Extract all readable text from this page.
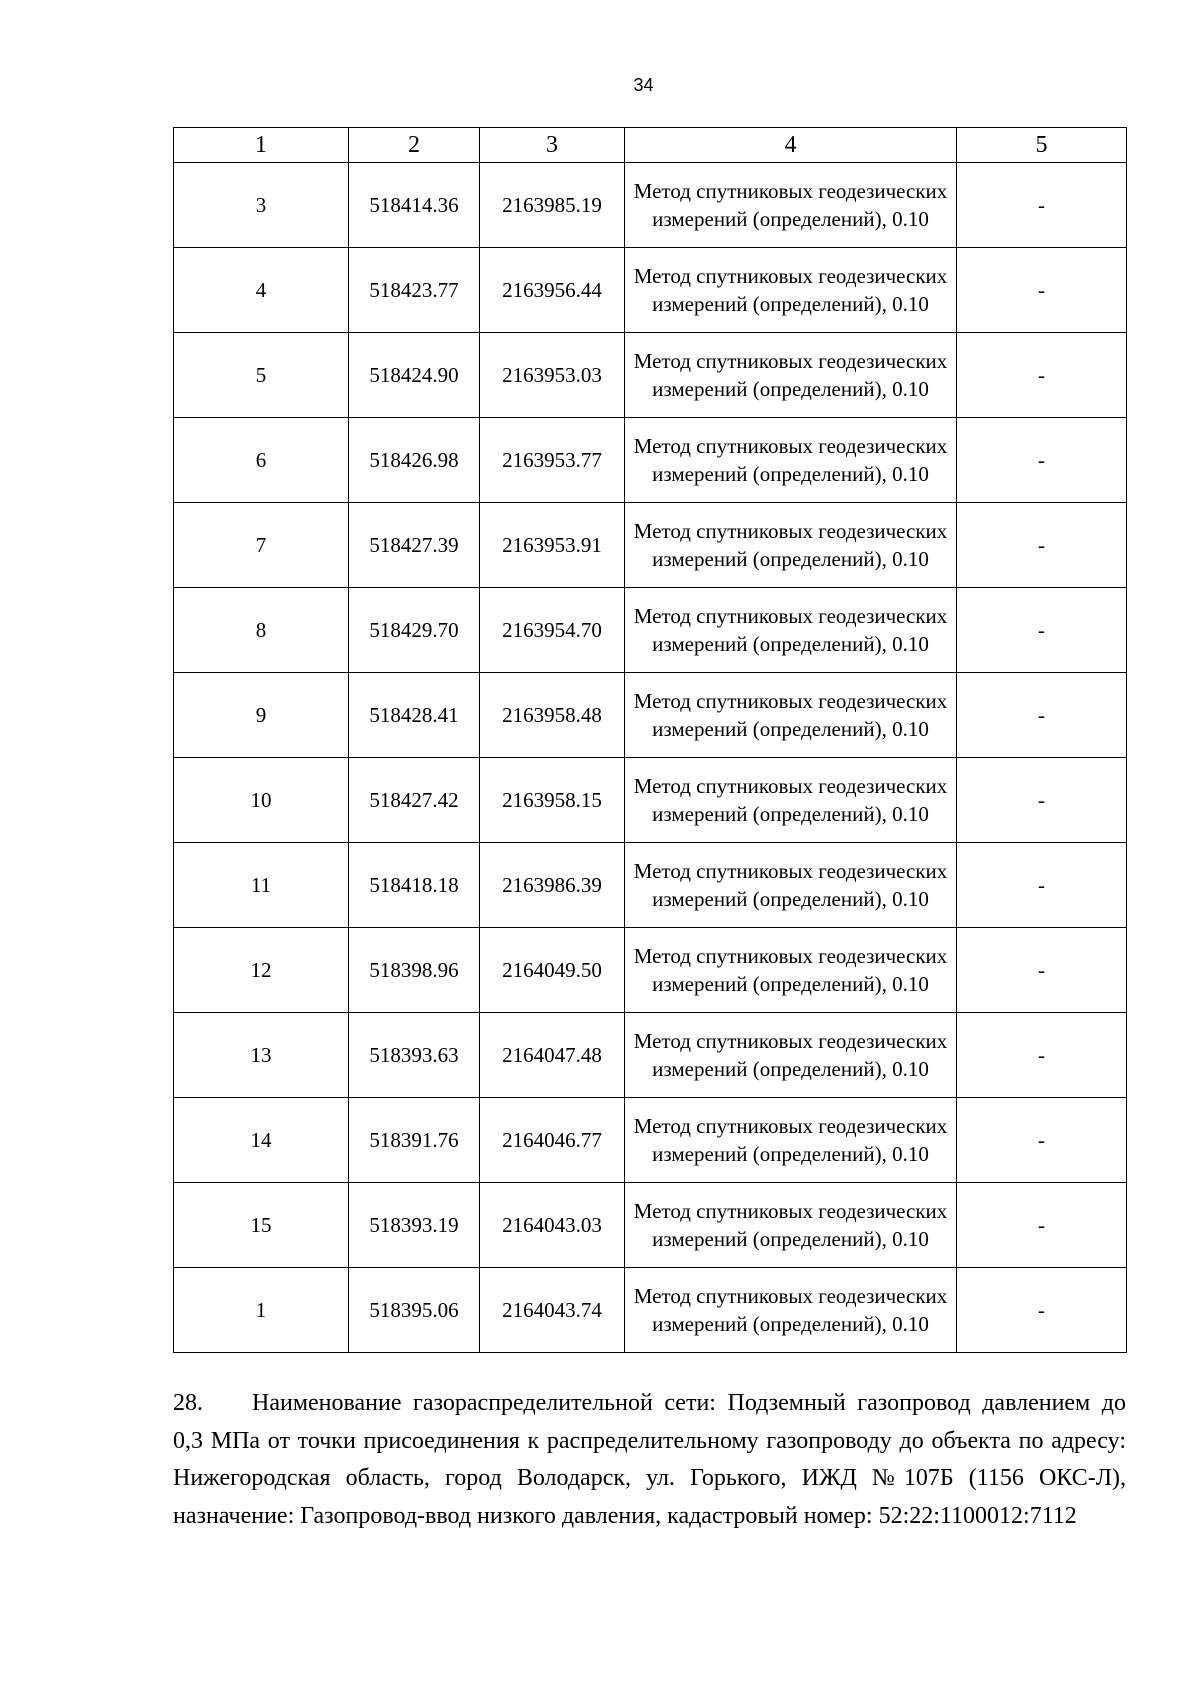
34
1	2	3	4	5
3	518414.36	2163985.19	Метод спутниковых геодезических измерений (определений), 0.10	-
4	518423.77	2163956.44	Метод спутниковых геодезических измерений (определений), 0.10	-
5	518424.90	2163953.03	Метод спутниковых геодезических измерений (определений), 0.10	-
6	518426.98	2163953.77	Метод спутниковых геодезических измерений (определений), 0.10	-
7	518427.39	2163953.91	Метод спутниковых геодезических измерений (определений), 0.10	-
8	518429.70	2163954.70	Метод спутниковых геодезических измерений (определений), 0.10	-
9	518428.41	2163958.48	Метод спутниковых геодезических измерений (определений), 0.10	-
10	518427.42	2163958.15	Метод спутниковых геодезических измерений (определений), 0.10	-
11	518418.18	2163986.39	Метод спутниковых геодезических измерений (определений), 0.10	-
12	518398.96	2164049.50	Метод спутниковых геодезических измерений (определений), 0.10	-
13	518393.63	2164047.48	Метод спутниковых геодезических измерений (определений), 0.10	-
14	518391.76	2164046.77	Метод спутниковых геодезических измерений (определений), 0.10	-
15	518393.19	2164043.03	Метод спутниковых геодезических измерений (определений), 0.10	-
1	518395.06	2164043.74	Метод спутниковых геодезических измерений (определений), 0.10	-

28. Наименование газораспределительной сети: Подземный газопровод давлением до 0,3 МПа от точки присоединения к распределительному газопроводу до объекта по адресу: Нижегородская область, город Володарск, ул. Горького, ИЖД №107Б (1156 ОКС-Л), назначение: Газопровод-ввод низкого давления, кадастровый номер: 52:22:1100012:7112
